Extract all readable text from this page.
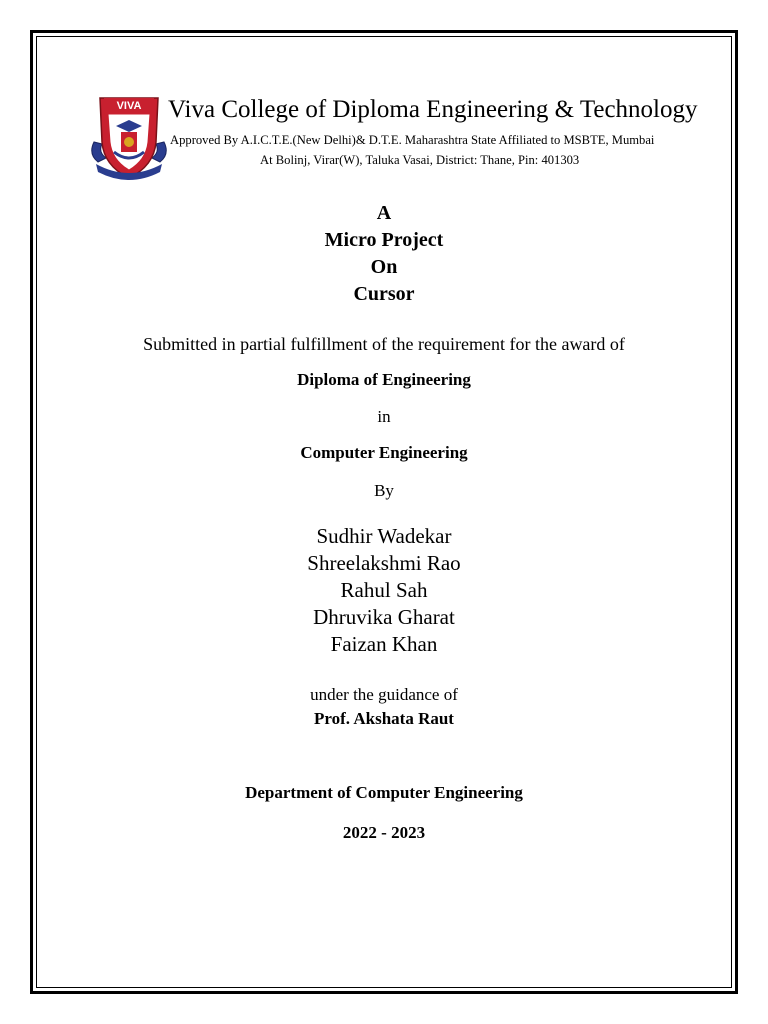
VIVA Viva College of Diploma Engineering & Technology
Approved By A.I.C.T.E.(New Delhi)& D.T.E. Maharashtra State Affiliated to MSBTE, Mumbai
At Bolinj, Virar(W), Taluka Vasai, District: Thane, Pin: 401303
A
Micro Project
On
Cursor
Submitted in partial fulfillment of the requirement for the award of
Diploma of Engineering
in
Computer Engineering
By
Sudhir Wadekar
Shreelakshmi Rao
Rahul Sah
Dhruvika Gharat
Faizan Khan
under the guidance of
Prof. Akshata Raut
Department of Computer Engineering
2022 - 2023
